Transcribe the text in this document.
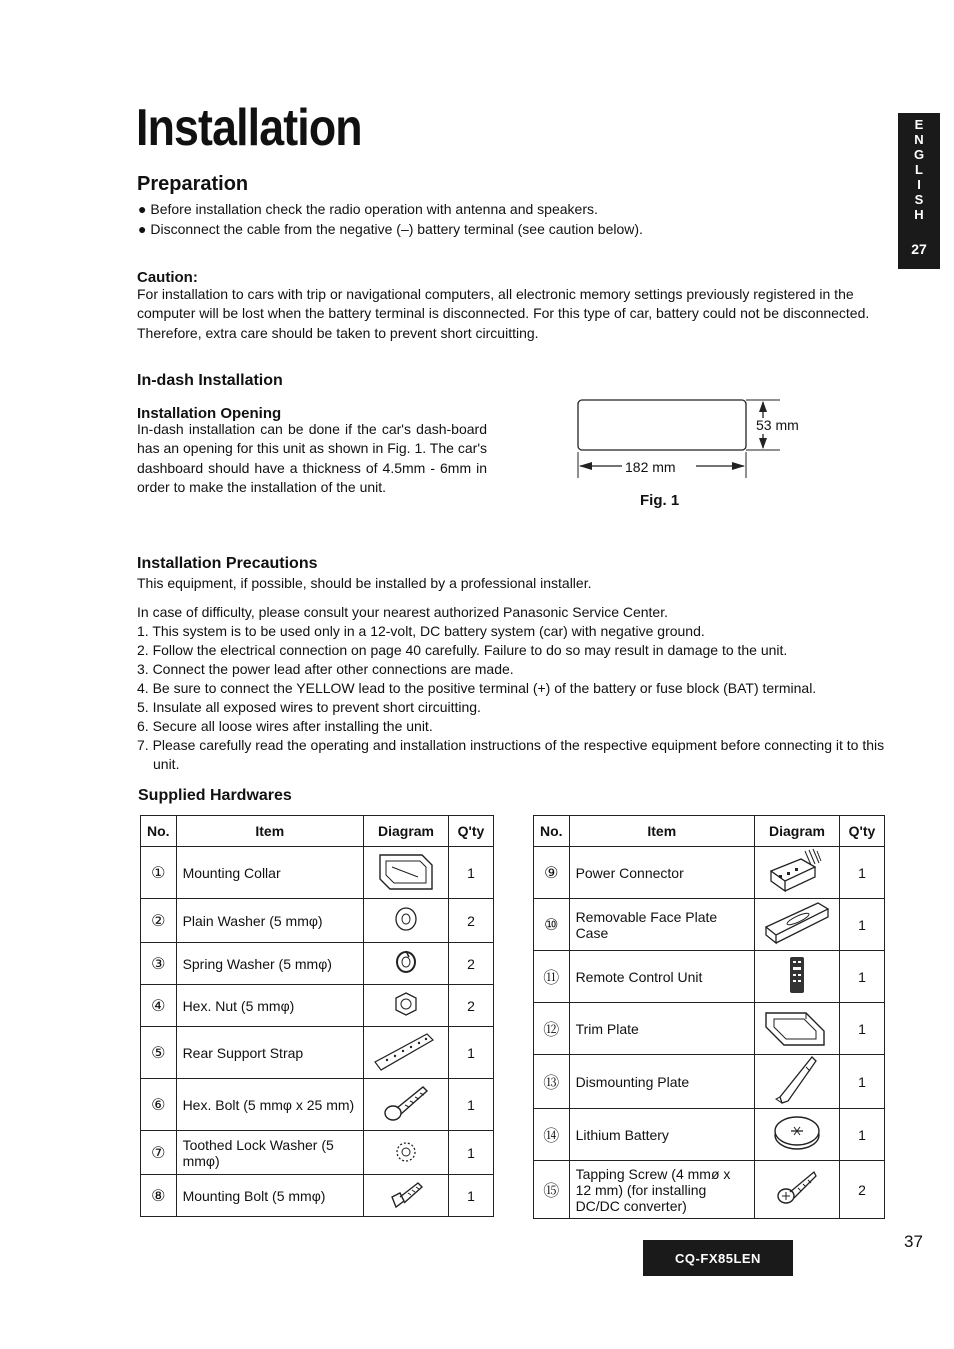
Installation	E
N
G
L
I
S
H
27
Preparation
● Before installation check the radio operation with antenna and speakers.
● Disconnect the cable from the negative (–) battery terminal (see caution below).
Caution:
For installation to cars with trip or navigational computers, all electronic memory settings previously registered in the computer will be lost when the battery terminal is disconnected. For this type of car, battery could not be disconnected. Therefore, extra care should be taken to prevent short circuitting.
In-dash Installation
Installation Opening
In-dash installation can be done if the car's dash-board has an opening for this unit as shown in Fig. 1. The car's dashboard should have a thickness of 4.5mm - 6mm in order to make the installation of the unit.
53 mm
182 mm
Fig. 1
Installation Precautions
This equipment, if possible, should be installed by a professional installer.
In case of difficulty, please consult your nearest authorized Panasonic Service Center.
1. This system is to be used only in a 12-volt, DC battery system (car) with negative ground.
2. Follow the electrical connection on page 40 carefully. Failure to do so may result in damage to the unit.
3. Connect the power lead after other connections are made.
4. Be sure to connect the YELLOW lead to the positive terminal (+) of the battery or fuse block (BAT) terminal.
5. Insulate all exposed wires to prevent short circuitting.
6. Secure all loose wires after installing the unit.
7. Please carefully read the operating and installation instructions of the respective equipment before connecting it to this unit.
Supplied Hardwares
No.	Item	Diagram	Q'ty
①	Mounting Collar		1
②	Plain Washer (5 mmφ)		2
③	Spring Washer (5 mmφ)		2
④	Hex. Nut (5 mmφ)		2
⑤	Rear Support Strap		1
⑥	Hex. Bolt (5 mmφ x 25 mm)		1
⑦	Toothed Lock Washer (5 mmφ)		1
⑧	Mounting Bolt (5 mmφ)		1
No.	Item	Diagram	Q'ty
⑨	Power Connector		1
⑩	Removable Face Plate Case		1
⑪	Remote Control Unit		1
⑫	Trim Plate		1
⑬	Dismounting Plate		1
⑭	Lithium Battery		1
⑮	Tapping Screw (4 mmø x 12 mm) (for installing DC/DC converter)		2
37
CQ-FX85LEN
